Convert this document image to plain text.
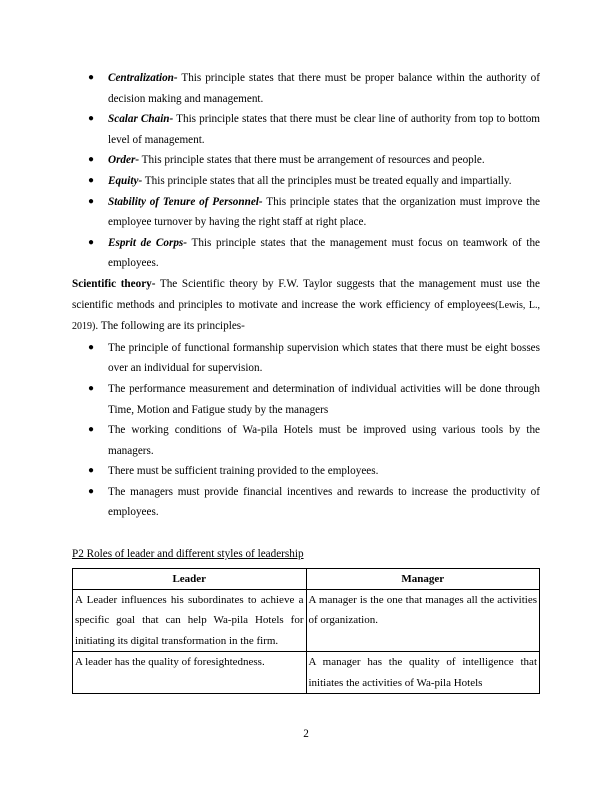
● Centralization- This principle states that there must be proper balance within the authority of decision making and management.
● Scalar Chain- This principle states that there must be clear line of authority from top to bottom level of management.
● Order- This principle states that there must be arrangement of resources and people.
● Equity- This principle states that all the principles must be treated equally and impartially.
● Stability of Tenure of Personnel- This principle states that the organization must improve the employee turnover by having the right staff at right place.
● Esprit de Corps- This principle states that the management must focus on teamwork of the employees.
Scientific theory- The Scientific theory by F.W. Taylor suggests that the management must use the scientific methods and principles to motivate and increase the work efficiency of employees(Lewis, L., 2019). The following are its principles-
● The principle of functional formanship supervision which states that there must be eight bosses over an individual for supervision.
● The performance measurement and determination of individual activities will be done through Time, Motion and Fatigue study by the managers
● The working conditions of Wa-pila Hotels must be improved using various tools by the managers.
● There must be sufficient training provided to the employees.
● The managers must provide financial incentives and rewards to increase the productivity of employees.
P2 Roles of leader and different styles of leadership
Leader	Manager
A Leader influences his subordinates to achieve a specific goal that can help Wa-pila Hotels for initiating its digital transformation in the firm.	A manager is the one that manages all the activities of organization.
A leader has the quality of foresightedness.	A manager has the quality of intelligence that initiates the activities of Wa-pila Hotels
2
